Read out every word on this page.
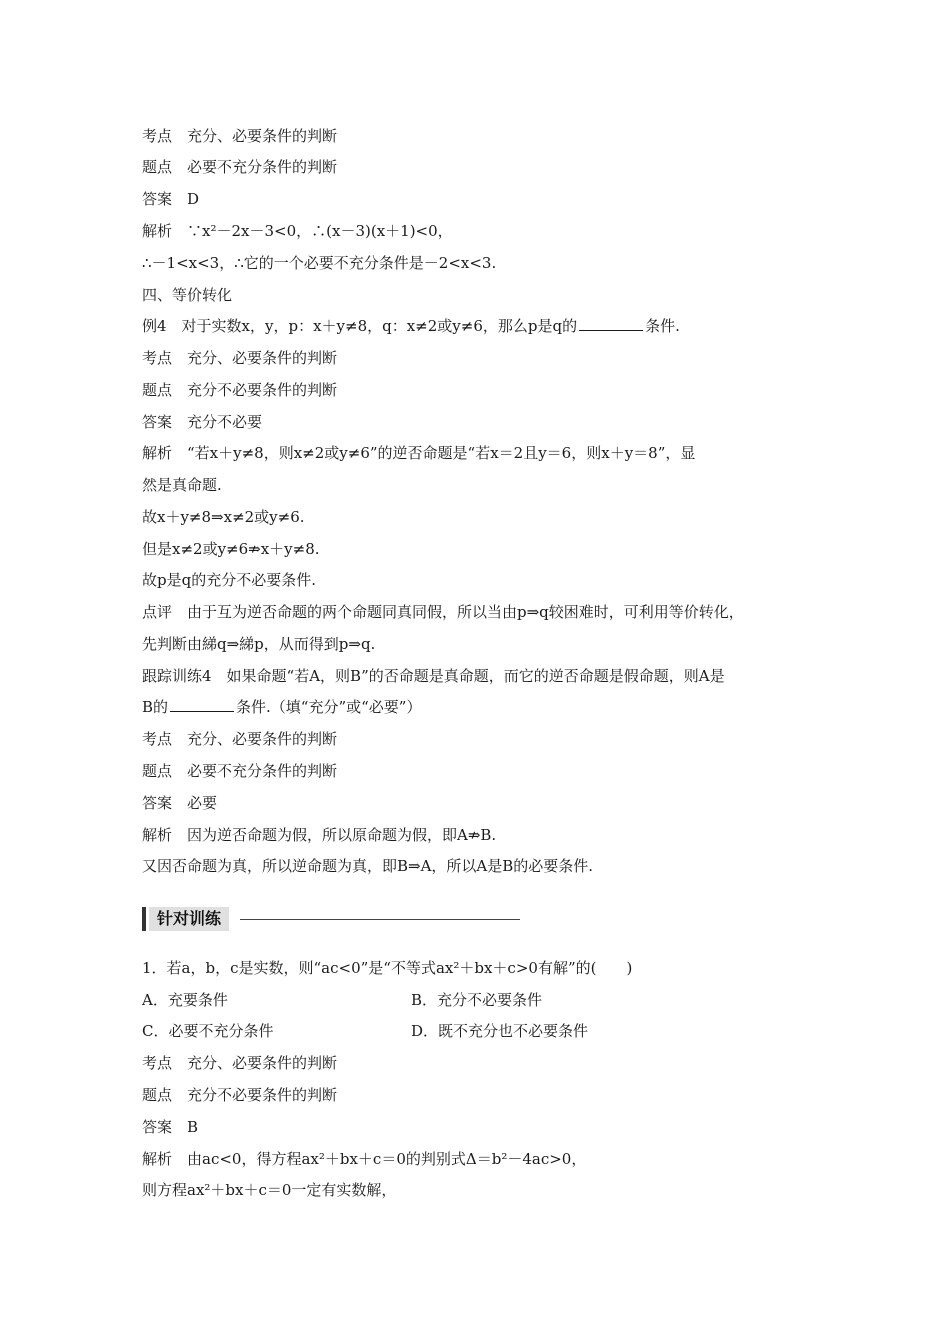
考点　充分、必要条件的判断
题点　必要不充分条件的判断
答案　D
解析　∵x²－2x－3<0，∴(x－3)(x＋1)<0，
∴－1<x<3，∴它的一个必要不充分条件是－2<x<3.
四、等价转化
例4　对于实数x，y，p：x＋y≠8，q：x≠2或y≠6，那么p是q的	条件.
考点　充分、必要条件的判断
题点　充分不必要条件的判断
答案　充分不必要
解析　“若x＋y≠8，则x≠2或y≠6”的逆否命题是“若x＝2且y＝6，则x＋y＝8”，显
然是真命题.
故x＋y≠8⇒x≠2或y≠6.
但是x≠2或y≠6⇏x＋y≠8.
故p是q的充分不必要条件.
点评　由于互为逆否命题的两个命题同真同假，所以当由p⇒q较困难时，可利用等价转化，
先判断由綈q⇒綈p，从而得到p⇒q.
跟踪训练4　如果命题“若A，则B”的否命题是真命题，而它的逆否命题是假命题，则A是
B的	条件.（填“充分”或“必要”）
考点　充分、必要条件的判断
题点　必要不充分条件的判断
答案　必要
解析　因为逆否命题为假，所以原命题为假，即A⇏B.
又因否命题为真，所以逆命题为真，即B⇒A，所以A是B的必要条件.
针对训练
1．若a，b，c是实数，则“ac<0”是“不等式ax²＋bx＋c>0有解”的(　　)
A．充要条件	B．充分不必要条件
C．必要不充分条件	D．既不充分也不必要条件
考点　充分、必要条件的判断
题点　充分不必要条件的判断
答案　B
解析　由ac<0，得方程ax²＋bx＋c＝0的判别式Δ＝b²－4ac>0，
则方程ax²＋bx＋c＝0一定有实数解，
